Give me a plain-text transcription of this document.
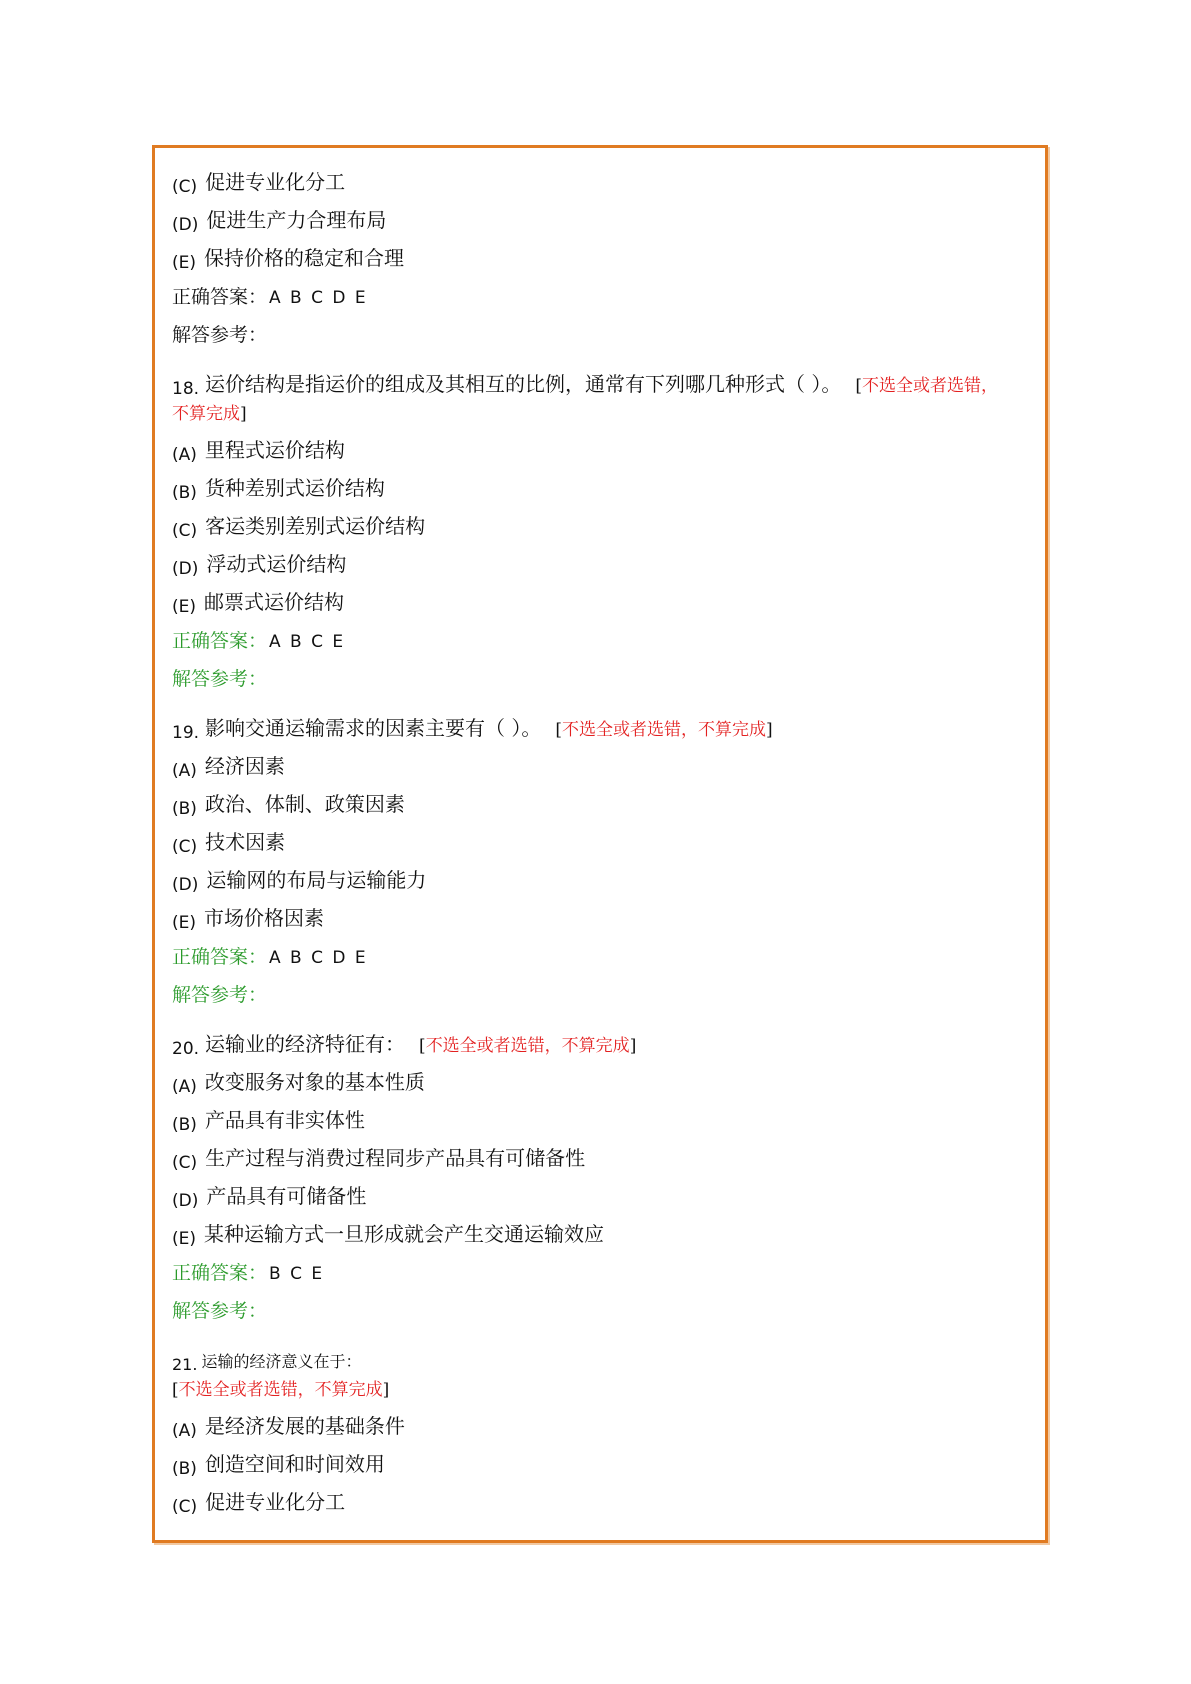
(C) 促进专业化分工
(D) 促进生产力合理布局
(E) 保持价格的稳定和合理
正确答案： A B C D E
解答参考：
18. 运价结构是指运价的组成及其相互的比例，通常有下列哪几种形式（ ）。 [不选全或者选错，
不算完成]
(A) 里程式运价结构
(B) 货种差别式运价结构
(C) 客运类别差别式运价结构
(D) 浮动式运价结构
(E) 邮票式运价结构
正确答案： A B C E
解答参考：
19. 影响交通运输需求的因素主要有（ ）。 [不选全或者选错，不算完成]
(A) 经济因素
(B) 政治、体制、政策因素
(C) 技术因素
(D) 运输网的布局与运输能力
(E) 市场价格因素
正确答案： A B C D E
解答参考：
20. 运输业的经济特征有： [不选全或者选错，不算完成]
(A) 改变服务对象的基本性质
(B) 产品具有非实体性
(C) 生产过程与消费过程同步产品具有可储备性
(D) 产品具有可储备性
(E) 某种运输方式一旦形成就会产生交通运输效应
正确答案： B C E
解答参考：
21. 运输的经济意义在于：
[不选全或者选错，不算完成]
(A) 是经济发展的基础条件
(B) 创造空间和时间效用
(C) 促进专业化分工
